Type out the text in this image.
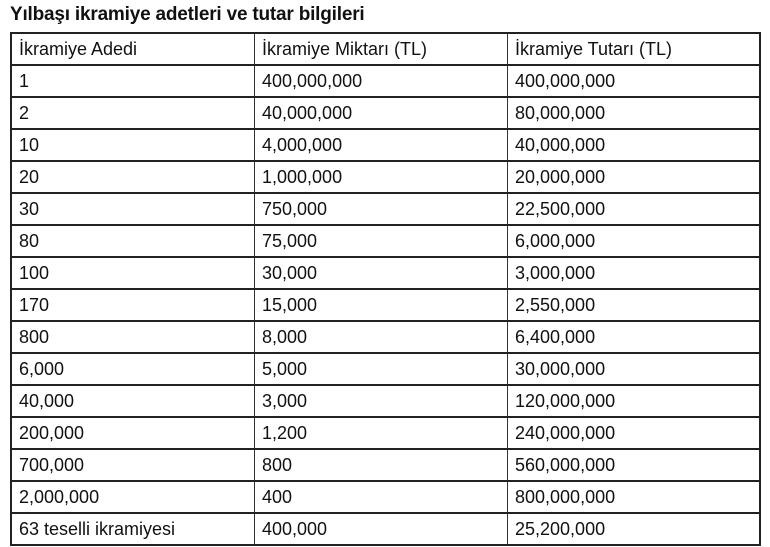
Yılbaşı ikramiye adetleri ve tutar bilgileri
İkramiye Adedi	İkramiye Miktarı (TL)	İkramiye Tutarı (TL)
1	400,000,000	400,000,000
2	40,000,000	80,000,000
10	4,000,000	40,000,000
20	1,000,000	20,000,000
30	750,000	22,500,000
80	75,000	6,000,000
100	30,000	3,000,000
170	15,000	2,550,000
800	8,000	6,400,000
6,000	5,000	30,000,000
40,000	3,000	120,000,000
200,000	1,200	240,000,000
700,000	800	560,000,000
2,000,000	400	800,000,000
63 teselli ikramiyesi	400,000	25,200,000
